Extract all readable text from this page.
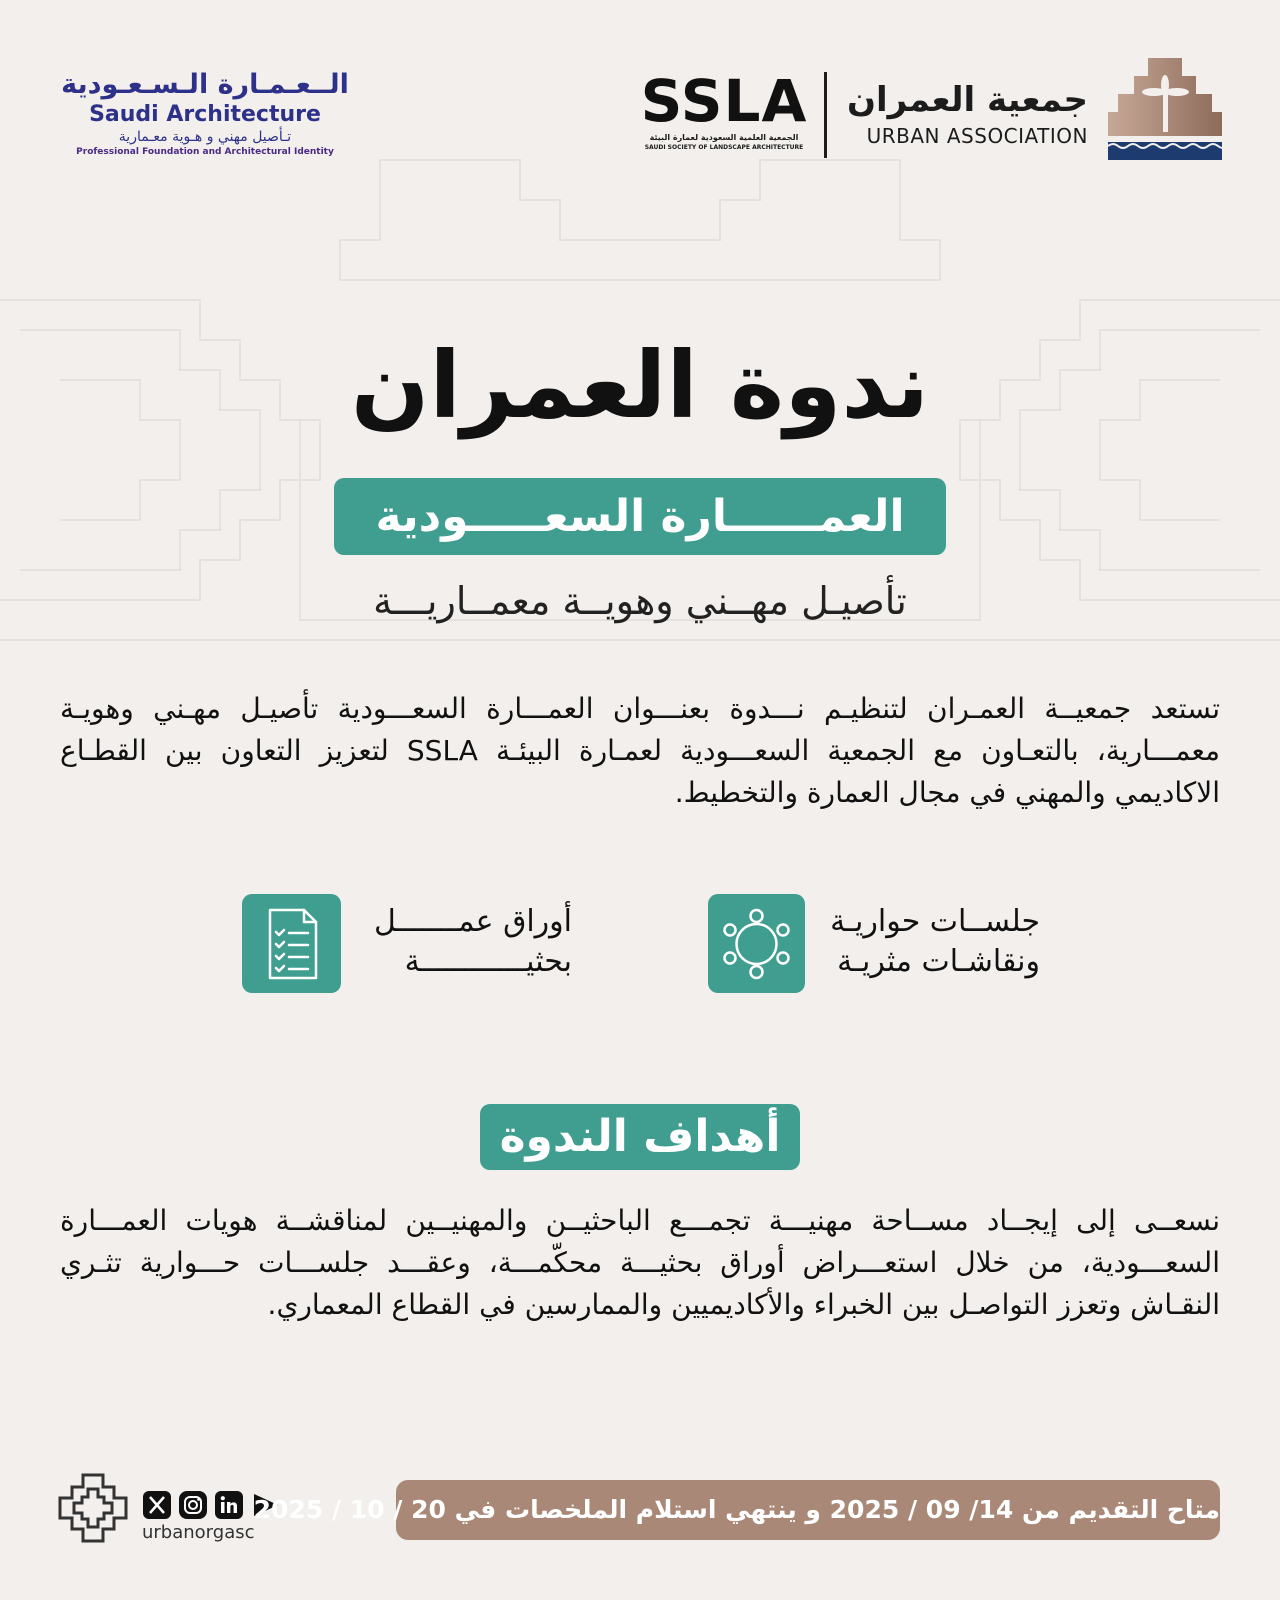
الــعـمـارة الـسـعـودية
Saudi Architecture
تـأصيل مهني و هـوية معـمارية
Professional Foundation and Architectural Identity
SSLA
الجمعية العلمية السعودية لعمارة البيئة
SAUDI SOCIETY OF LANDSCAPE ARCHITECTURE
جمعية العمران
URBAN ASSOCIATION
ندوة العمران
العمــــــارة السعـــــودية
تأصيـل مهــني وهويــة معمــاريـــة
تستعد جمعيــة العمـران لتنظيـم نـــدوة بعنـــوان العمـــارة السعـــودية تأصيـل مهـني وهويـة معمـــارية، بالتعـاون مع الجمعية السعـــودية لعمـارة البيئـة SSLA لتعزيز التعاون بين القطـاع الاكاديمي والمهني في مجال العمارة والتخطيط.
أوراق عمـــــــل
بحثيــــــــــــة
جلســات حواريـة
ونقاشـات مثريـة
أهداف الندوة
نسعــى إلى إيجــاد مســاحة مهنيـــة تجمـــع الباحثيــن والمهنيــين لمناقشــة هويات العمـــارة السعـــودية، من خلال استعـــراض أوراق بحثيـــة محكّمـــة، وعقـــد جلســـات حـــوارية تثـري النقـاش وتعزز التواصـل بين الخبراء والأكاديميين والممارسين في القطاع المعماري.
urbanorgasc
متاح التقديم من 14/ 09 / 2025 و ينتهي استلام الملخصات في 20 / 10 / 2025
